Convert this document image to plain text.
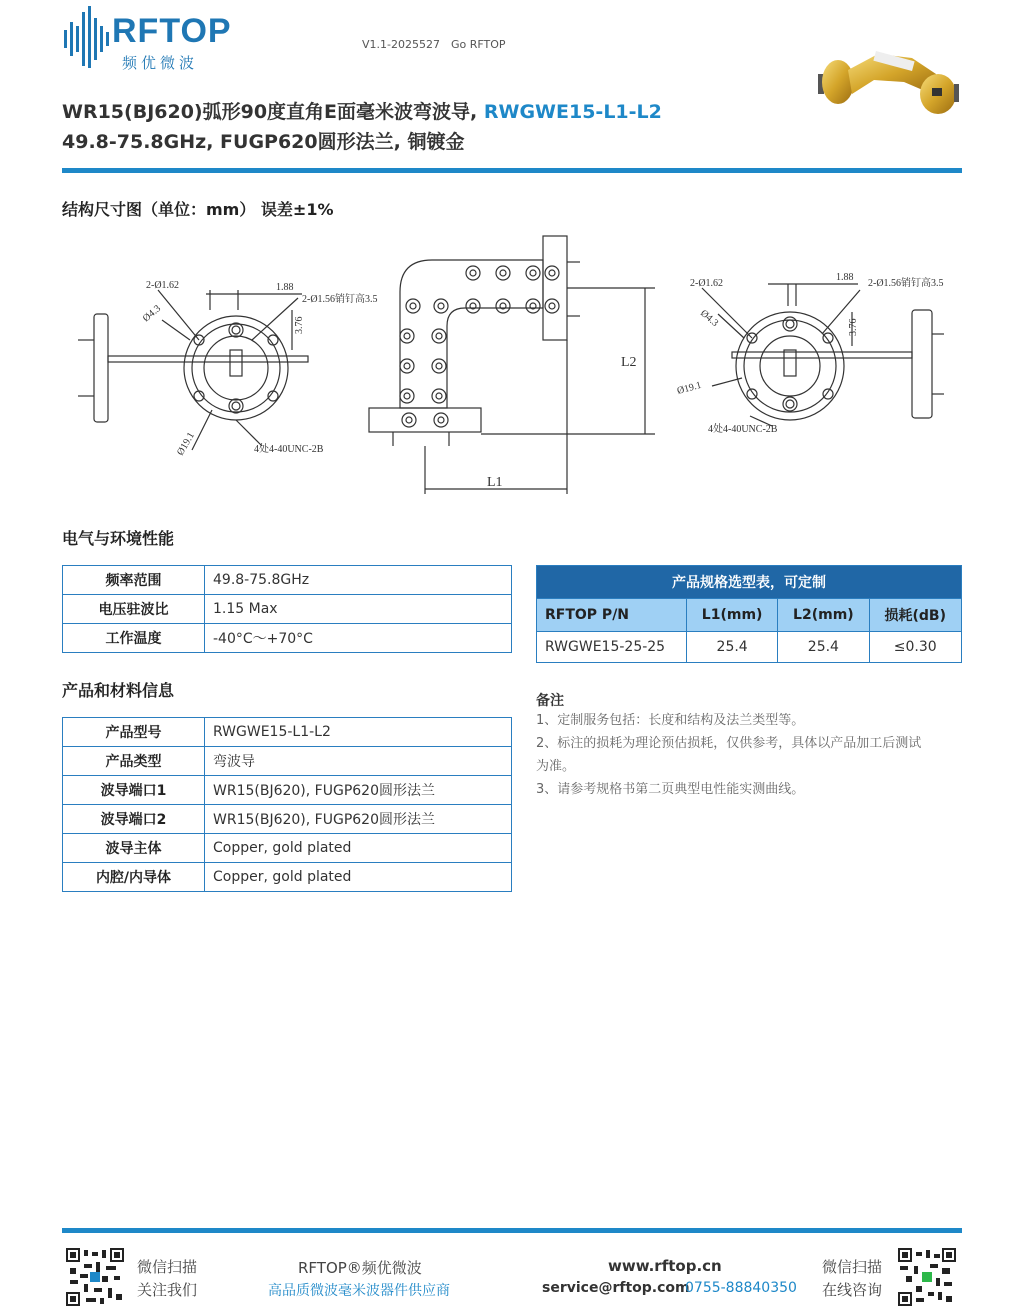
RFTOP
频优微波
V1.1-2025527 Go RFTOP
WR15(BJ620)弧形90度直角E面毫米波弯波导, RWGWE15-L1-L2
49.8-75.8GHz, FUGP620圆形法兰, 铜镀金
结构尺寸图（单位：mm） 误差±1%
2-Ø1.62
Ø4.3
1.88
2-Ø1.56销钉高3.5
3.76
Ø19.1	4处4-40UNC-2B
L2
L1
2-Ø1.62
Ø4.3
1.88
2-Ø1.56销钉高3.5
3.76
Ø19.1
4处4-40UNC-2B
电气与环境性能
频率范围	49.8-75.8GHz
电压驻波比	1.15 Max
工作温度	-40°C～+70°C
产品规格选型表，可定制			
RFTOP P/N	L1(mm)	L2(mm)	损耗(dB)
RWGWE15-25-25	25.4	25.4	≤0.30
产品和材料信息
产品型号	RWGWE15-L1-L2
产品类型	弯波导
波导端口1	WR15(BJ620), FUGP620圆形法兰
波导端口2	WR15(BJ620), FUGP620圆形法兰
波导主体	Copper, gold plated
内腔/内导体	Copper, gold plated
备注
1、定制服务包括：长度和结构及法兰类型等。
2、标注的损耗为理论预估损耗，仅供参考，具体以产品加工后测试
为准。
3、请参考规格书第二页典型电性能实测曲线。
微信扫描
关注我们
RFTOP®频优微波
高品质微波毫米波器件供应商
www.rftop.cn
service@rftop.com
0755-88840350
微信扫描
在线咨询
